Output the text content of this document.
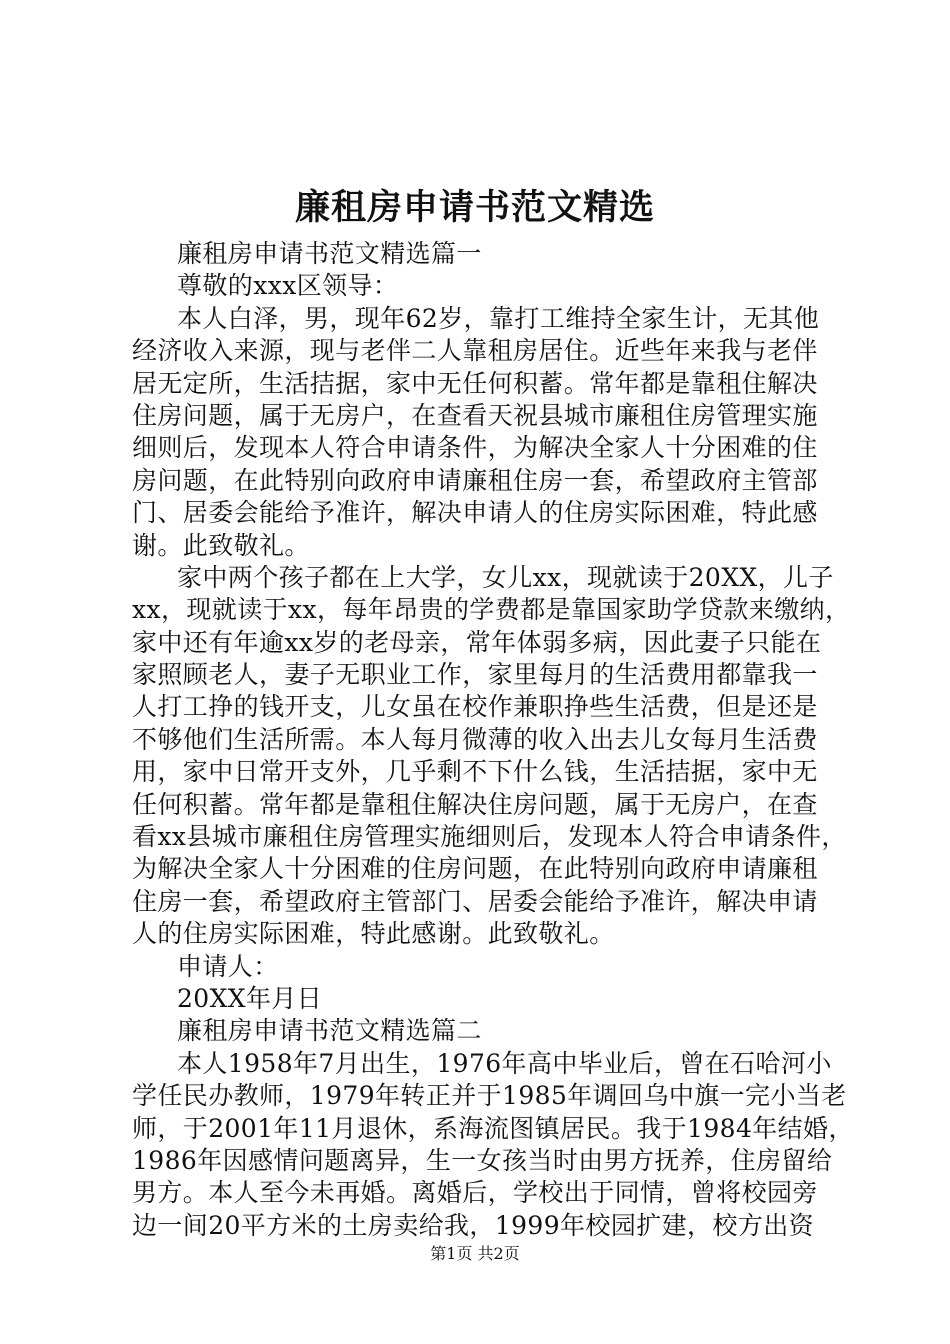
廉租房申请书范文精选
廉租房申请书范文精选篇一
尊敬的xxx区领导：
本人白泽，男，现年62岁，靠打工维持全家生计，无其他
经济收入来源，现与老伴二人靠租房居住。近些年来我与老伴
居无定所，生活拮据，家中无任何积蓄。常年都是靠租住解决
住房问题，属于无房户，在查看天祝县城市廉租住房管理实施
细则后，发现本人符合申请条件，为解决全家人十分困难的住
房问题，在此特别向政府申请廉租住房一套，希望政府主管部
门、居委会能给予准许，解决申请人的住房实际困难，特此感
谢。此致敬礼。
家中两个孩子都在上大学，女儿xx，现就读于20XX，儿子
xx，现就读于xx，每年昂贵的学费都是靠国家助学贷款来缴纳，
家中还有年逾xx岁的老母亲，常年体弱多病，因此妻子只能在
家照顾老人，妻子无职业工作，家里每月的生活费用都靠我一
人打工挣的钱开支，儿女虽在校作兼职挣些生活费，但是还是
不够他们生活所需。本人每月微薄的收入出去儿女每月生活费
用，家中日常开支外，几乎剩不下什么钱，生活拮据，家中无
任何积蓄。常年都是靠租住解决住房问题，属于无房户，在查
看xx县城市廉租住房管理实施细则后，发现本人符合申请条件，
为解决全家人十分困难的住房问题，在此特别向政府申请廉租
住房一套，希望政府主管部门、居委会能给予准许，解决申请
人的住房实际困难，特此感谢。此致敬礼。
申请人：
20XX年月日
廉租房申请书范文精选篇二
本人1958年7月出生，1976年高中毕业后，曾在石哈河小
学任民办教师，1979年转正并于1985年调回乌中旗一完小当老
师，于2001年11月退休，系海流图镇居民。我于1984年结婚，
1986年因感情问题离异，生一女孩当时由男方抚养，住房留给
男方。本人至今未再婚。离婚后，学校出于同情，曾将校园旁
边一间20平方米的土房卖给我，1999年校园扩建，校方出资
第1页 共2页
